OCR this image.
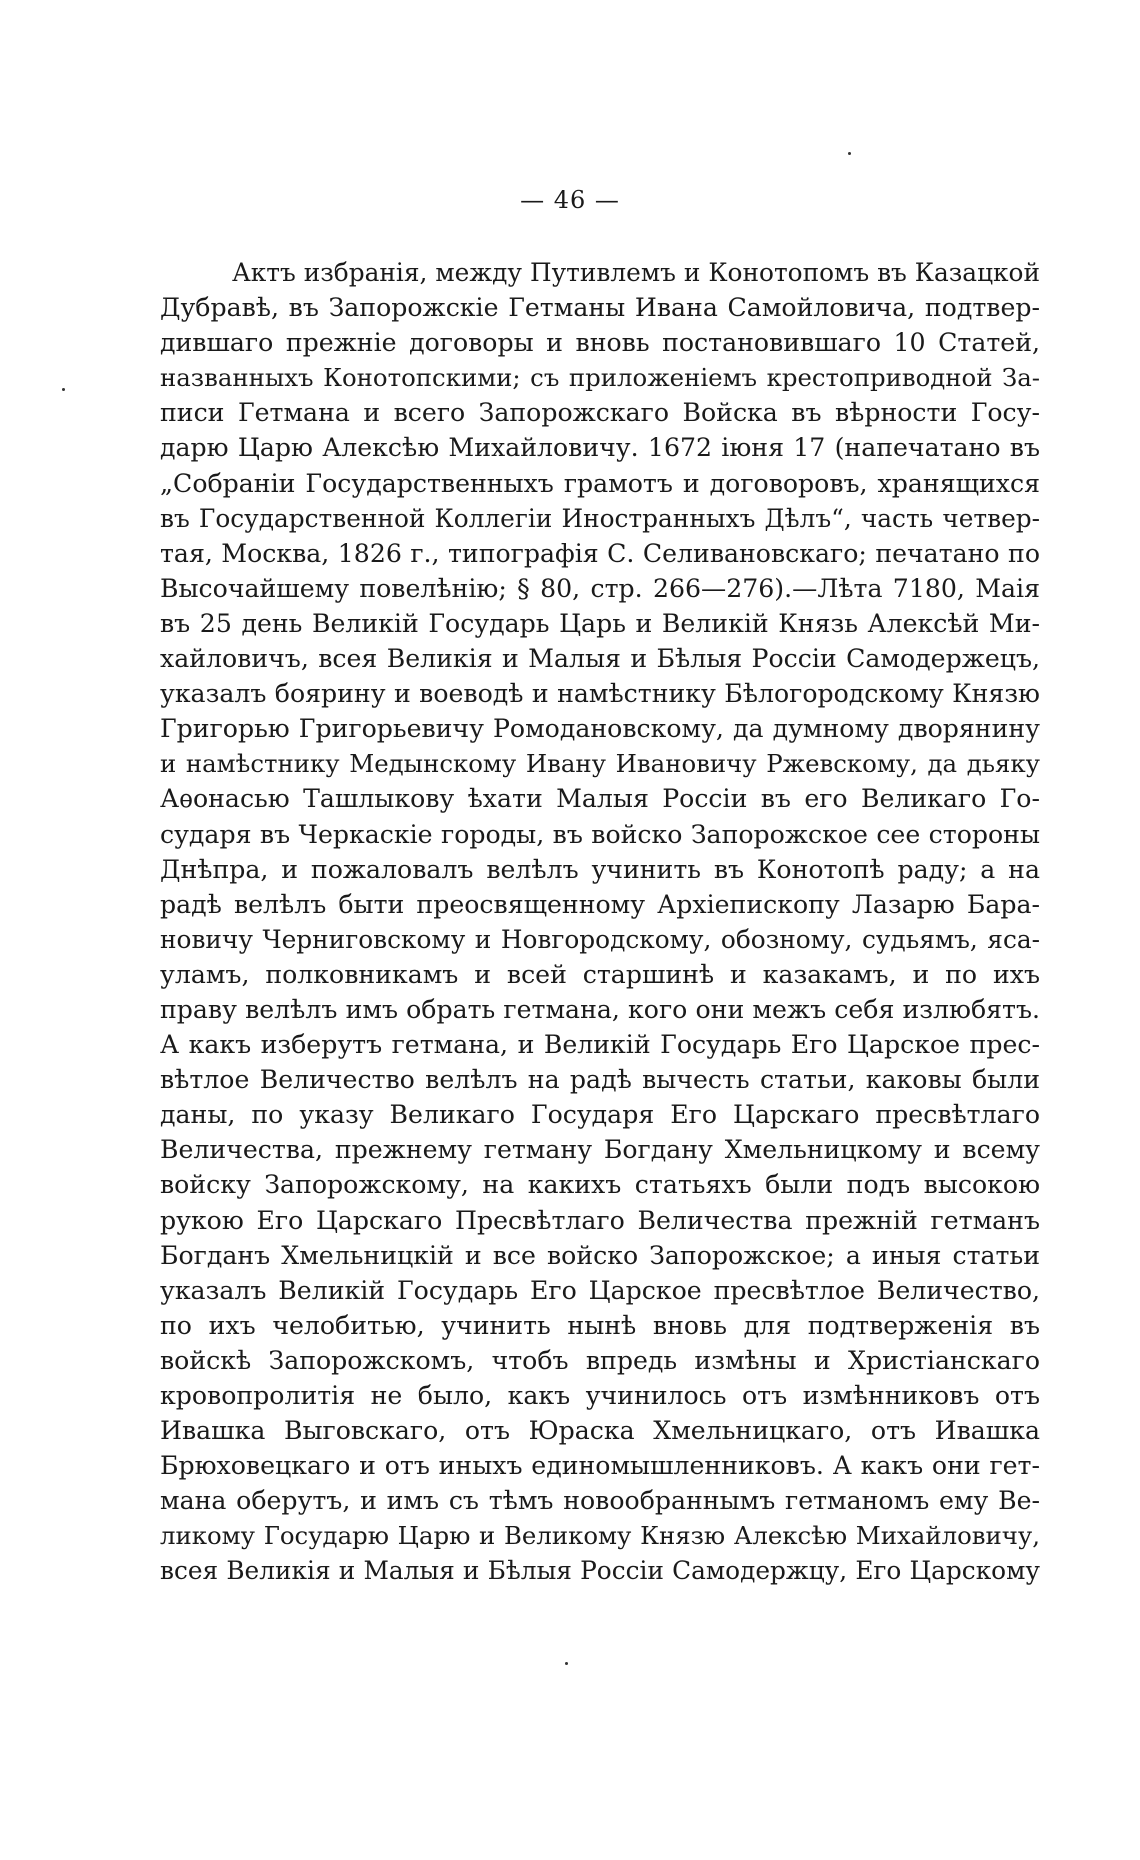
— 46 —
Актъ избранія, между Путивлемъ и Конотопомъ въ Казацкой
Дубравѣ, въ Запорожскіе Гетманы Ивана Самойловича, подтвер-
дившаго прежніе договоры и вновь постановившаго 10 Статей,
названныхъ Конотопскими; съ приложеніемъ крестоприводной За-
писи Гетмана и всего Запорожскаго Войска въ вѣрности Госу-
дарю Царю Алексѣю Михайловичу. 1672 іюня 17 (напечатано въ
„Собраніи Государственныхъ грамотъ и договоровъ, хранящихся
въ Государственной Коллегіи Иностранныхъ Дѣлъ“, часть четвер-
тая, Москва, 1826 г., типографія С. Селивановскаго; печатано по
Высочайшему повелѣнію; § 80, стр. 266—276).—Лѣта 7180, Маія
въ 25 день Великій Государь Царь и Великій Князь Алексѣй Ми-
хайловичъ, всея Великія и Малыя и Бѣлыя Россіи Самодержецъ,
указалъ боярину и воеводѣ и намѣстнику Бѣлогородскому Князю
Григорью Григорьевичу Ромодановскому, да думному дворянину
и намѣстнику Медынскому Ивану Ивановичу Ржевскому, да дьяку
Аѳонасью Ташлыкову ѣхати Малыя Россіи въ его Великаго Го-
сударя въ Черкаскіе городы, въ войско Запорожское сее стороны
Днѣпра, и пожаловалъ велѣлъ учинить въ Конотопѣ раду; а на
радѣ велѣлъ быти преосвященному Архіепископу Лазарю Бара-
новичу Черниговскому и Новгородскому, обозному, судьямъ, яса-
уламъ, полковникамъ и всей старшинѣ и казакамъ, и по ихъ
праву велѣлъ имъ обрать гетмана, кого они межъ себя излюбятъ.
А какъ изберутъ гетмана, и Великій Государь Его Царское прес-
вѣтлое Величество велѣлъ на радѣ вычесть статьи, каковы были
даны, по указу Великаго Государя Его Царскаго пресвѣтлаго
Величества, прежнему гетману Богдану Хмельницкому и всему
войску Запорожскому, на какихъ статьяхъ были подъ высокою
рукою Его Царскаго Пресвѣтлаго Величества прежній гетманъ
Богданъ Хмельницкій и все войско Запорожское; а иныя статьи
указалъ Великій Государь Его Царское пресвѣтлое Величество,
по ихъ челобитью, учинить нынѣ вновь для подтверженія въ
войскѣ Запорожскомъ, чтобъ впредь измѣны и Христіанскаго
кровопролитія не было, какъ учинилось отъ измѣнниковъ отъ
Ивашка Выговскаго, отъ Юраска Хмельницкаго, отъ Ивашка
Брюховецкаго и отъ иныхъ единомышленниковъ. А какъ они гет-
мана оберутъ, и имъ съ тѣмъ новообраннымъ гетманомъ ему Ве-
ликому Государю Царю и Великому Князю Алексѣю Михайловичу,
всея Великія и Малыя и Бѣлыя Россіи Самодержцу, Его Царскому
